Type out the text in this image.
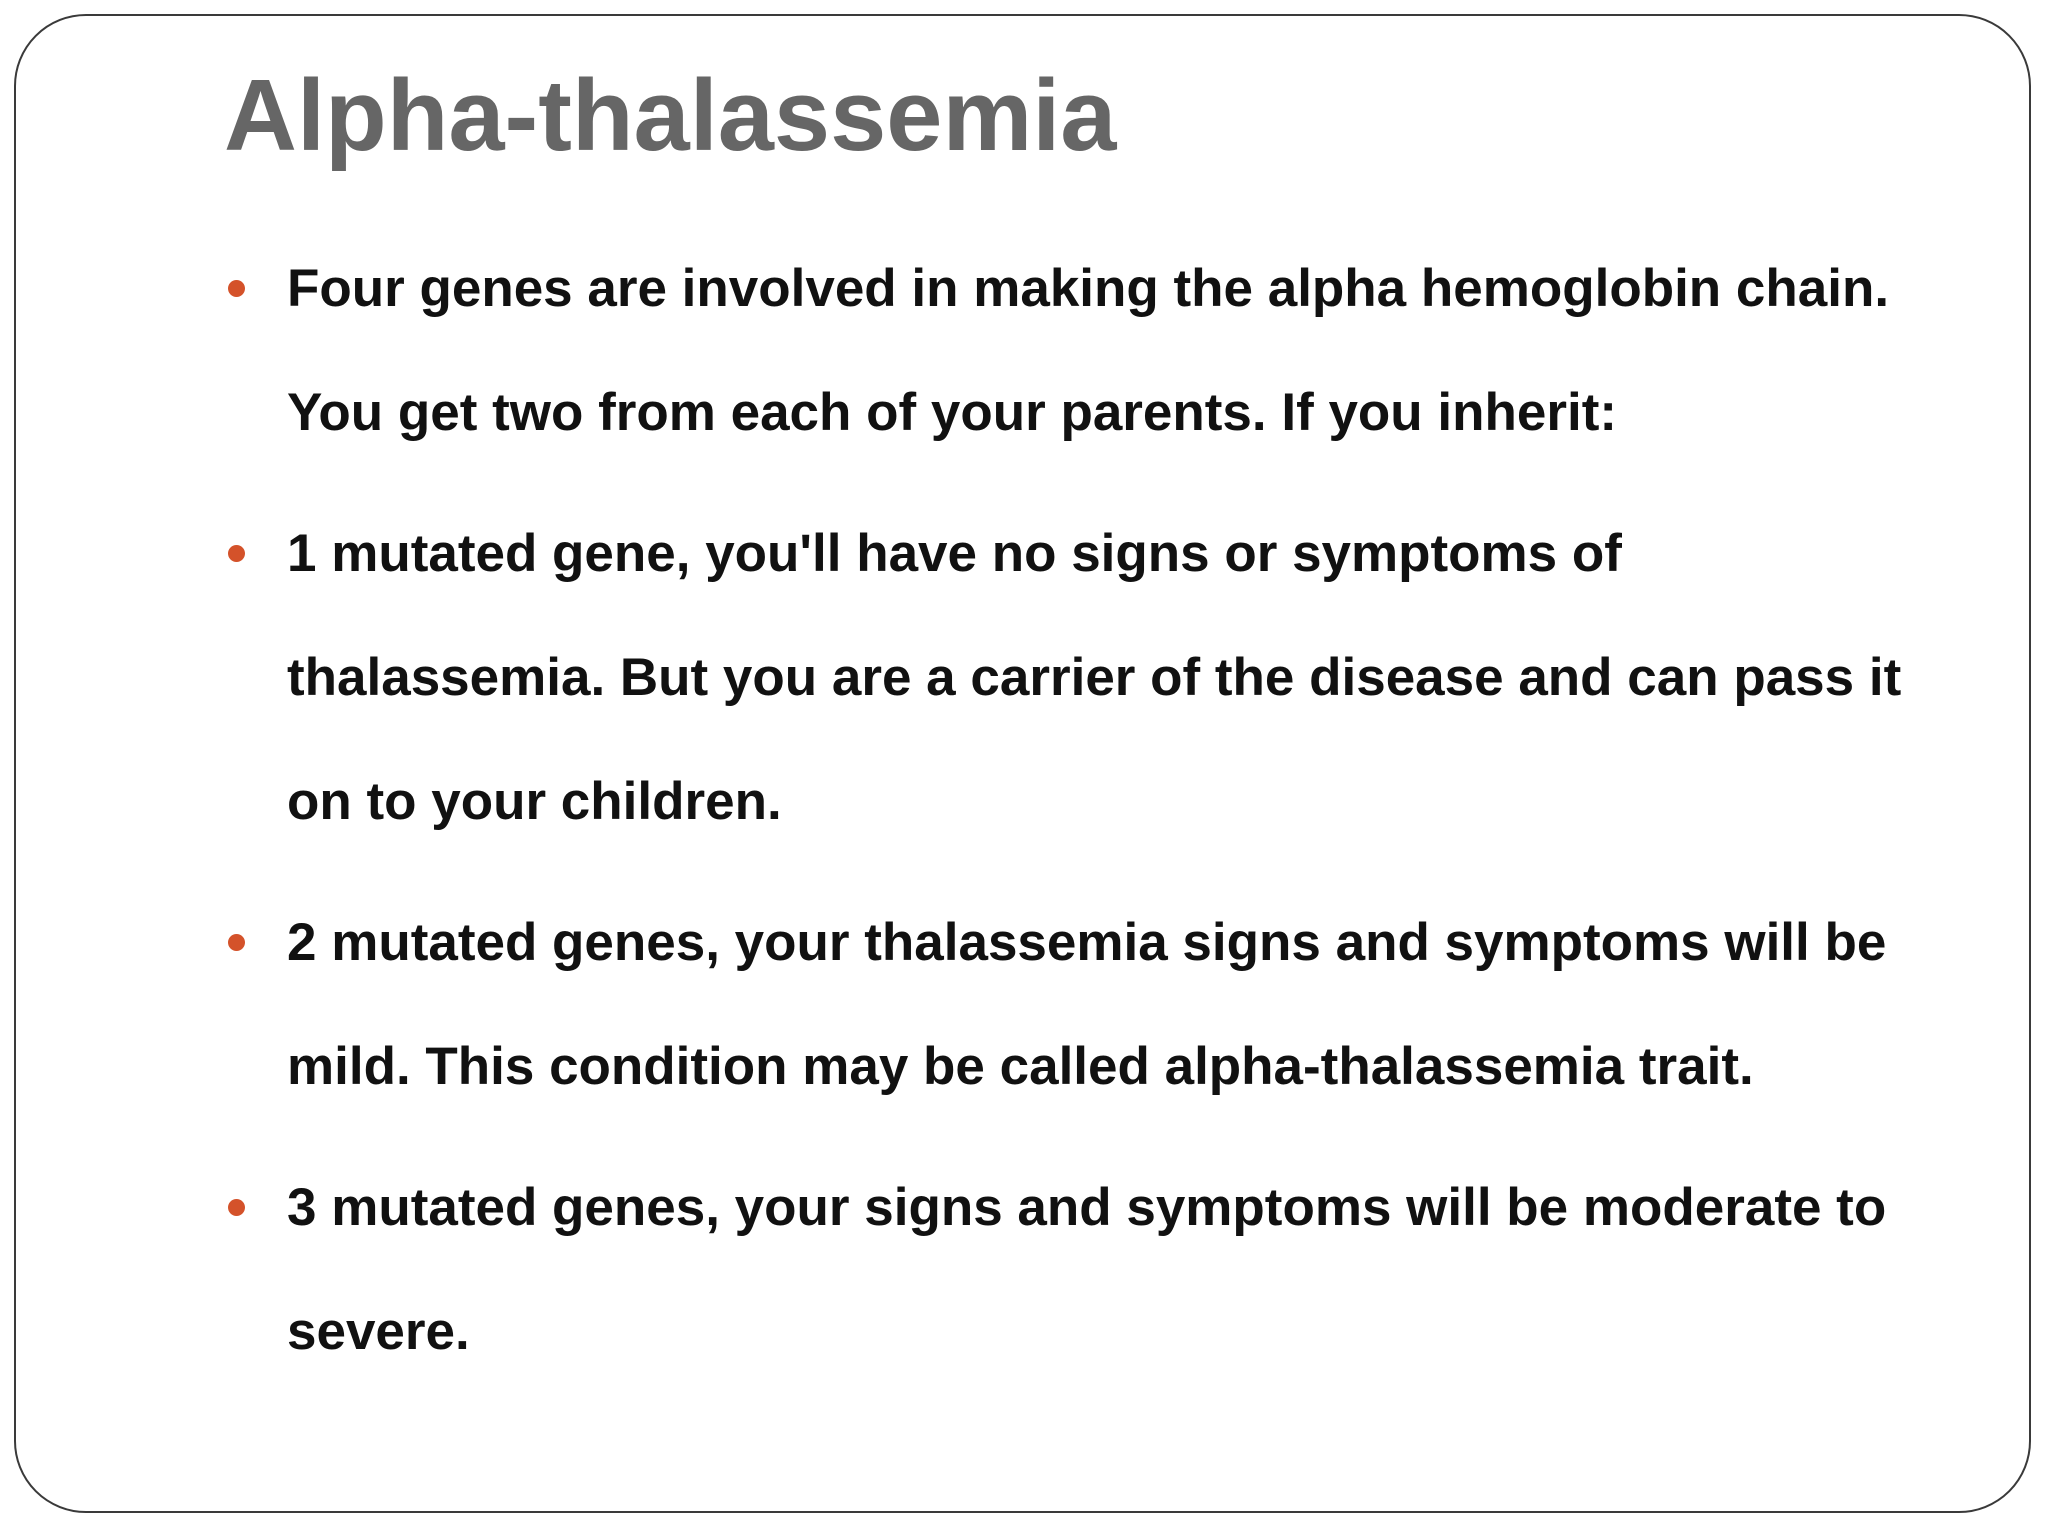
Alpha-thalassemia
Four genes are involved in making the alpha hemoglobin chain. You get two from each of your parents. If you inherit:
1 mutated gene, you'll have no signs or symptoms of thalassemia. But you are a carrier of the disease and can pass it on to your children.
2 mutated genes, your thalassemia signs and symptoms will be mild. This condition may be called alpha-thalassemia trait.
3 mutated genes, your signs and symptoms will be moderate to severe.
